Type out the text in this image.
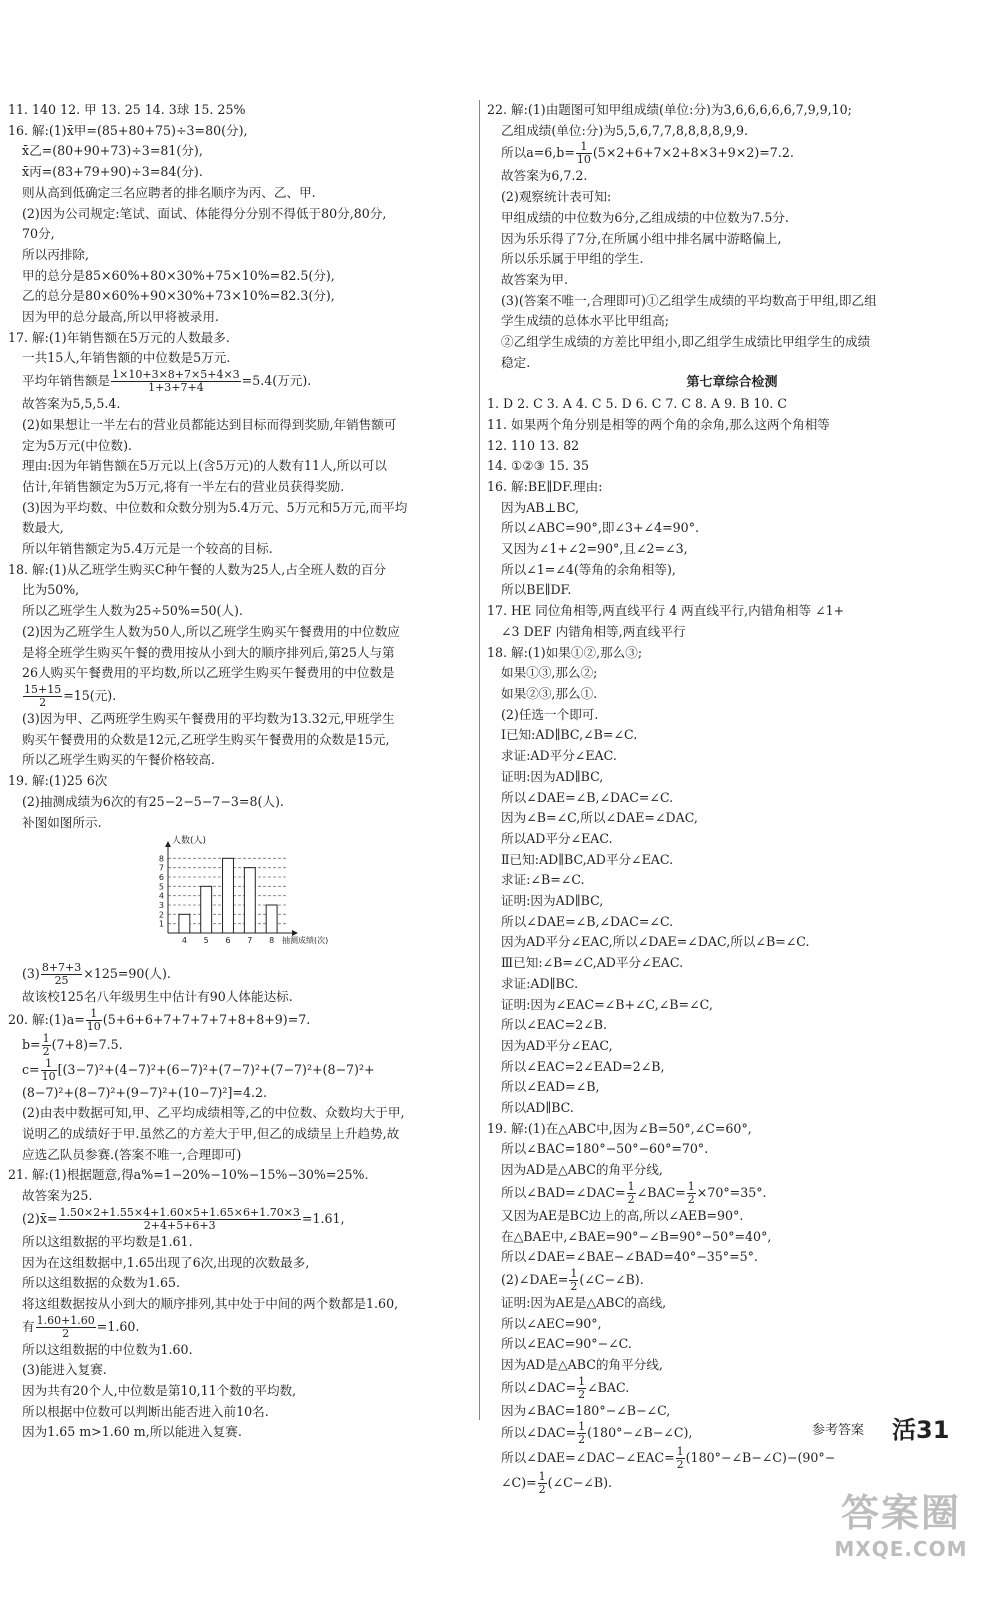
11. 140 12. 甲 13. 25 14. 3球 15. 25%
16. 解:(1)x̄甲=(85+80+75)÷3=80(分),
x̄乙=(80+90+73)÷3=81(分),
x̄丙=(83+79+90)÷3=84(分).
则从高到低确定三名应聘者的排名顺序为丙、乙、甲.
(2)因为公司规定:笔试、面试、体能得分分别不得低于80分,80分,
70分,
所以丙排除,
甲的总分是85×60%+80×30%+75×10%=82.5(分),
乙的总分是80×60%+90×30%+73×10%=82.3(分),
因为甲的总分最高,所以甲将被录用.
17. 解:(1)年销售额在5万元的人数最多.
一共15人,年销售额的中位数是5万元.
平均年销售额是 $\frac{1\times 10+3\times 8+7\times 5+4\times 3}{1+3+7+4} =5.4$(万元).
故答案为5,5,5.4.
(2)如果想让一半左右的营业员都能达到目标而得到奖励,年销售额可
定为5万元(中位数).
理由:因为年销售额在5万元以上(含5万元)的人数有11人,所以可以
估计,年销售额定为5万元,将有一半左右的营业员获得奖励.
(3)因为平均数、中位数和众数分别为5.4万元、5万元和5万元,而平均
数最大,
所以年销售额定为5.4万元是一个较高的目标.
18. 解:(1)从乙班学生购买C种午餐的人数为25人,占全班人数的百分
比为50%,
所以乙班学生人数为25÷50%=50(人).
(2)因为乙班学生人数为50人,所以乙班学生购买午餐费用的中位数应
是将全班学生购买午餐的费用按从小到大的顺序排列后,第25人与第
26人购买午餐费用的平均数,所以乙班学生购买午餐费用的中位数是
$\frac{15+15}{2} =15$(元).
(3)因为甲、乙两班学生购买午餐费用的平均数为13.32元,甲班学生
购买午餐费用的众数是12元,乙班学生购买午餐费用的众数是15元,
所以乙班学生购买的午餐价格较高.
19. 解:(1)25 6次
(2)抽测成绩为6次的有25−2−5−7−3=8(人).
补图如图所示.
1
2
3
4
5
6
7
8
人数(人)
4 5 6 7 8 抽测成绩(次)
$(3) \frac{8+7+3}{25} \times 125=90$(人).
故该校125名八年级男生中估计有90人体能达标.
20. 解:(1)a= $\frac{1}{10} (5+6+6+7+7+7+7+8+8+9)=7$.
$b= \frac{1}{2} (7+8)=7.5$.
$c= \frac{1}{10} [(3-7)^2+(4-7)^2+(6-7)^2+(7-7)^2+(7-7)^2+(8-7)^2+$
(8−7)²+(8−7)²+(9−7)²+(10−7)²]=4.2.
(2)由表中数据可知,甲、乙平均成绩相等,乙的中位数、众数均大于甲,
说明乙的成绩好于甲.虽然乙的方差大于甲,但乙的成绩呈上升趋势,故
应选乙队员参赛.(答案不唯一,合理即可)
21. 解:(1)根据题意,得a%=1−20%−10%−15%−30%=25%.
故答案为25.
(2)x̄= $\frac{1.50\times 2+1.55\times 4+1.60\times 5+1.65\times 6+1.70\times 3}{2+4+5+6+3} =1.61$,
所以这组数据的平均数是1.61.
因为在这组数据中,1.65出现了6次,出现的次数最多,
所以这组数据的众数为1.65.
将这组数据按从小到大的顺序排列,其中处于中间的两个数都是1.60,
有 $\frac{1.60+1.60}{2} =1.60$.
所以这组数据的中位数为1.60.
(3)能进入复赛.
因为共有20个人,中位数是第10,11个数的平均数,
所以根据中位数可以判断出能否进入前10名.
因为1.65 m>1.60 m,所以能进入复赛.
22. 解:(1)由题图可知甲组成绩(单位:分)为3,6,6,6,6,6,7,9,9,10;
乙组成绩(单位:分)为5,5,6,7,7,8,8,8,8,9,9.
所以$a=6,b= \frac{1}{10} (5\times 2+6+7\times 2+8\times 3+9\times 2)=7.2$.
故答案为6,7.2.
(2)观察统计表可知:
甲组成绩的中位数为6分,乙组成绩的中位数为7.5分.
因为乐乐得了7分,在所属小组中排名属中游略偏上,
所以乐乐属于甲组的学生.
故答案为甲.
(3)(答案不唯一,合理即可)①乙组学生成绩的平均数高于甲组,即乙组
学生成绩的总体水平比甲组高;
②乙组学生成绩的方差比甲组小,即乙组学生成绩比甲组学生的成绩
稳定.
第七章综合检测
1. D 2. C 3. A 4. C 5. D 6. C 7. C 8. A 9. B 10. C
11. 如果两个角分别是相等的两个角的余角,那么这两个角相等
12. 110 13. 82
14. ①②③ 15. 35
16. 解:BE∥DF.理由:
因为AB⊥BC,
所以∠ABC=90°,即∠3+∠4=90°.
又因为∠1+∠2=90°,且∠2=∠3,
所以∠1=∠4(等角的余角相等),
所以BE∥DF.
17. HE 同位角相等,两直线平行 4 两直线平行,内错角相等 ∠1+
∠3 DEF 内错角相等,两直线平行
18. 解:(1)如果①②,那么③;
如果①③,那么②;
如果②③,那么①.
(2)任选一个即可.
Ⅰ已知:AD∥BC,∠B=∠C.
求证:AD平分∠EAC.
证明:因为AD∥BC,
所以∠DAE=∠B,∠DAC=∠C.
因为∠B=∠C,所以∠DAE=∠DAC,
所以AD平分∠EAC.
Ⅱ已知:AD∥BC,AD平分∠EAC.
求证:∠B=∠C.
证明:因为AD∥BC,
所以∠DAE=∠B,∠DAC=∠C.
因为AD平分∠EAC,所以∠DAE=∠DAC,所以∠B=∠C.
Ⅲ已知:∠B=∠C,AD平分∠EAC.
求证:AD∥BC.
证明:因为∠EAC=∠B+∠C,∠B=∠C,
所以∠EAC=2∠B.
因为AD平分∠EAC,
所以∠EAC=2∠EAD=2∠B,
所以∠EAD=∠B,
所以AD∥BC.
19. 解:(1)在△ABC中,因为∠B=50°,∠C=60°,
所以∠BAC=180°−50°−60°=70°.
因为AD是△ABC的角平分线,
所以∠BAD=∠DAC= $\frac{1}{2}$ ∠BAC= $\frac{1}{2} \times 70^\circ=35^\circ$.
又因为AE是BC边上的高,所以∠AEB=90°.
在△BAE中,∠BAE=90°−∠B=90°−50°=40°,
所以∠DAE=∠BAE−∠BAD=40°−35°=5°.
(2)∠DAE= $\frac{1}{2}$ (∠C−∠B).
证明:因为AE是△ABC的高线,
所以∠AEC=90°,
所以∠EAC=90°−∠C.
因为AD是△ABC的角平分线,
所以∠DAC= $\frac{1}{2}$ ∠BAC.
因为∠BAC=180°−∠B−∠C,
所以∠DAC= $\frac{1}{2}$ (180°−∠B−∠C),
所以∠DAE=∠DAC−∠EAC= $\frac{1}{2}$ (180°−∠B−∠C)−(90°−
∠C)= $\frac{1}{2}$ (∠C−∠B).
参考答案 活31
答案圈
MXQE.COM
